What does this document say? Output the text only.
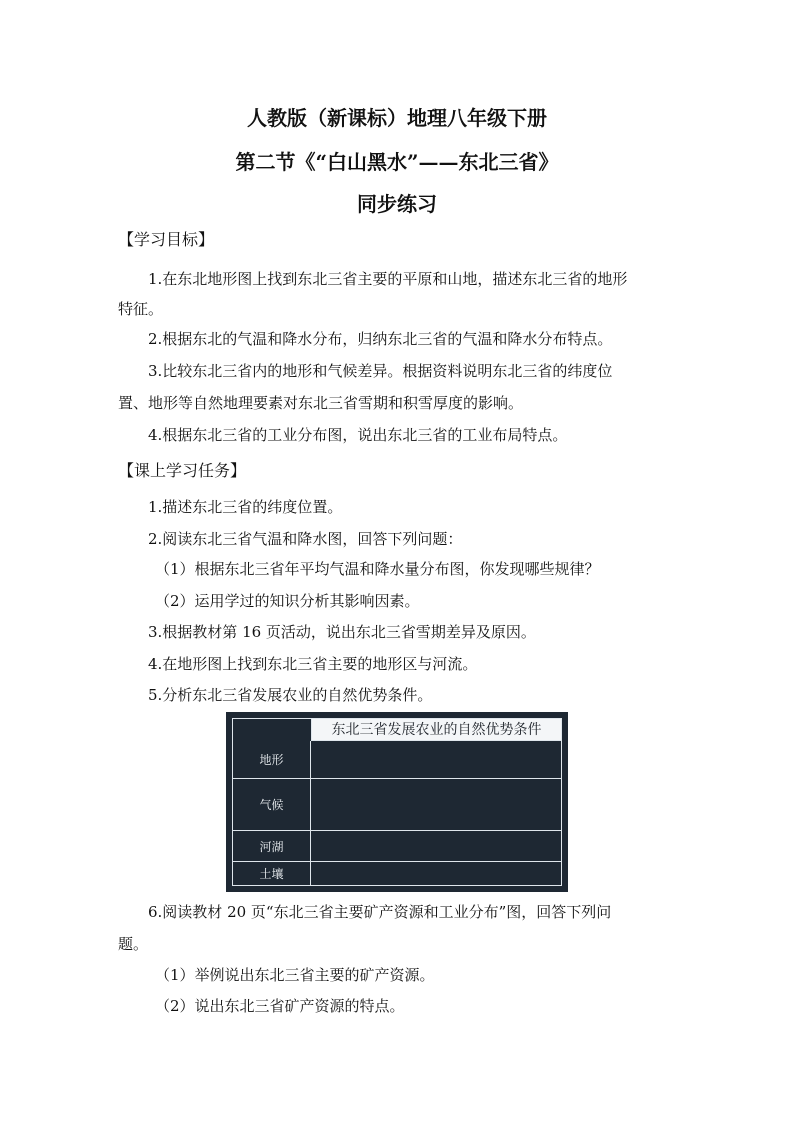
人教版（新课标）地理八年级下册
第二节《“白山黑水”——东北三省》
同步练习
【学习目标】
1.在东北地形图上找到东北三省主要的平原和山地，描述东北三省的地形
特征。
2.根据东北的气温和降水分布，归纳东北三省的气温和降水分布特点。
3.比较东北三省内的地形和气候差异。根据资料说明东北三省的纬度位
置、地形等自然地理要素对东北三省雪期和积雪厚度的影响。
4.根据东北三省的工业分布图，说出东北三省的工业布局特点。
【课上学习任务】
1.描述东北三省的纬度位置。
2.阅读东北三省气温和降水图，回答下列问题：
（1）根据东北三省年平均气温和降水量分布图，你发现哪些规律？
（2）运用学过的知识分析其影响因素。
3.根据教材第 16 页活动，说出东北三省雪期差异及原因。
4.在地形图上找到东北三省主要的地形区与河流。
5.分析东北三省发展农业的自然优势条件。
东北三省发展农业的自然优势条件
地形
气候
河湖
土壤
6.阅读教材 20 页“东北三省主要矿产资源和工业分布”图，回答下列问
题。
（1）举例说出东北三省主要的矿产资源。
（2）说出东北三省矿产资源的特点。
